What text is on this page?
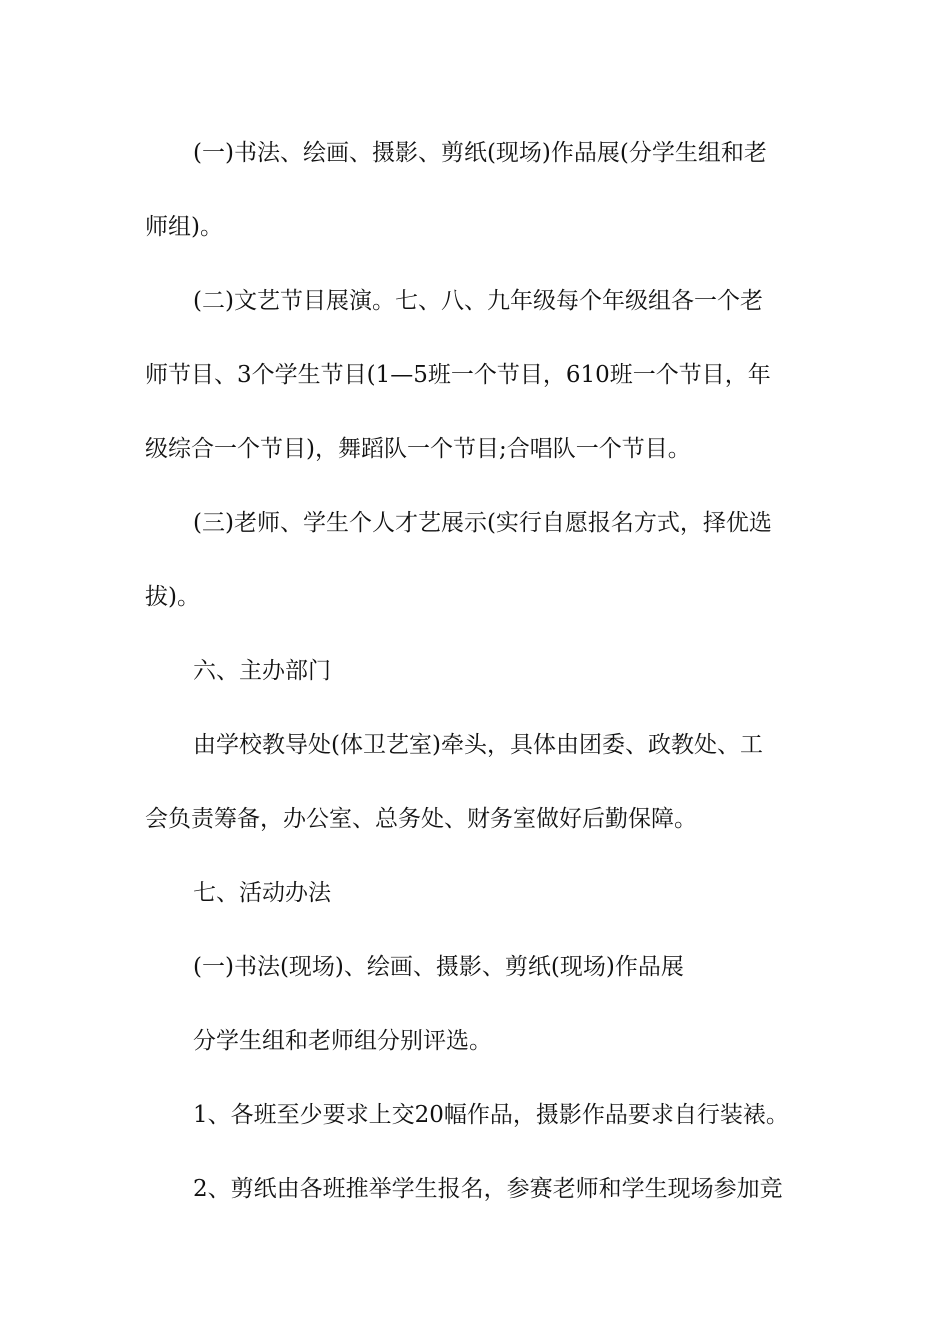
(一)书法、绘画、摄影、剪纸(现场)作品展(分学生组和老
师组)。
(二)文艺节目展演。七、八、九年级每个年级组各一个老
师节目、3个学生节目(1—5班一个节目，610班一个节目，年
级综合一个节目)，舞蹈队一个节目;合唱队一个节目。
(三)老师、学生个人才艺展示(实行自愿报名方式，择优选
拔)。
六、主办部门
由学校教导处(体卫艺室)牵头，具体由团委、政教处、工
会负责筹备，办公室、总务处、财务室做好后勤保障。
七、活动办法
(一)书法(现场)、绘画、摄影、剪纸(现场)作品展
分学生组和老师组分别评选。
1、各班至少要求上交20幅作品，摄影作品要求自行装裱。
2、剪纸由各班推举学生报名，参赛老师和学生现场参加竞
